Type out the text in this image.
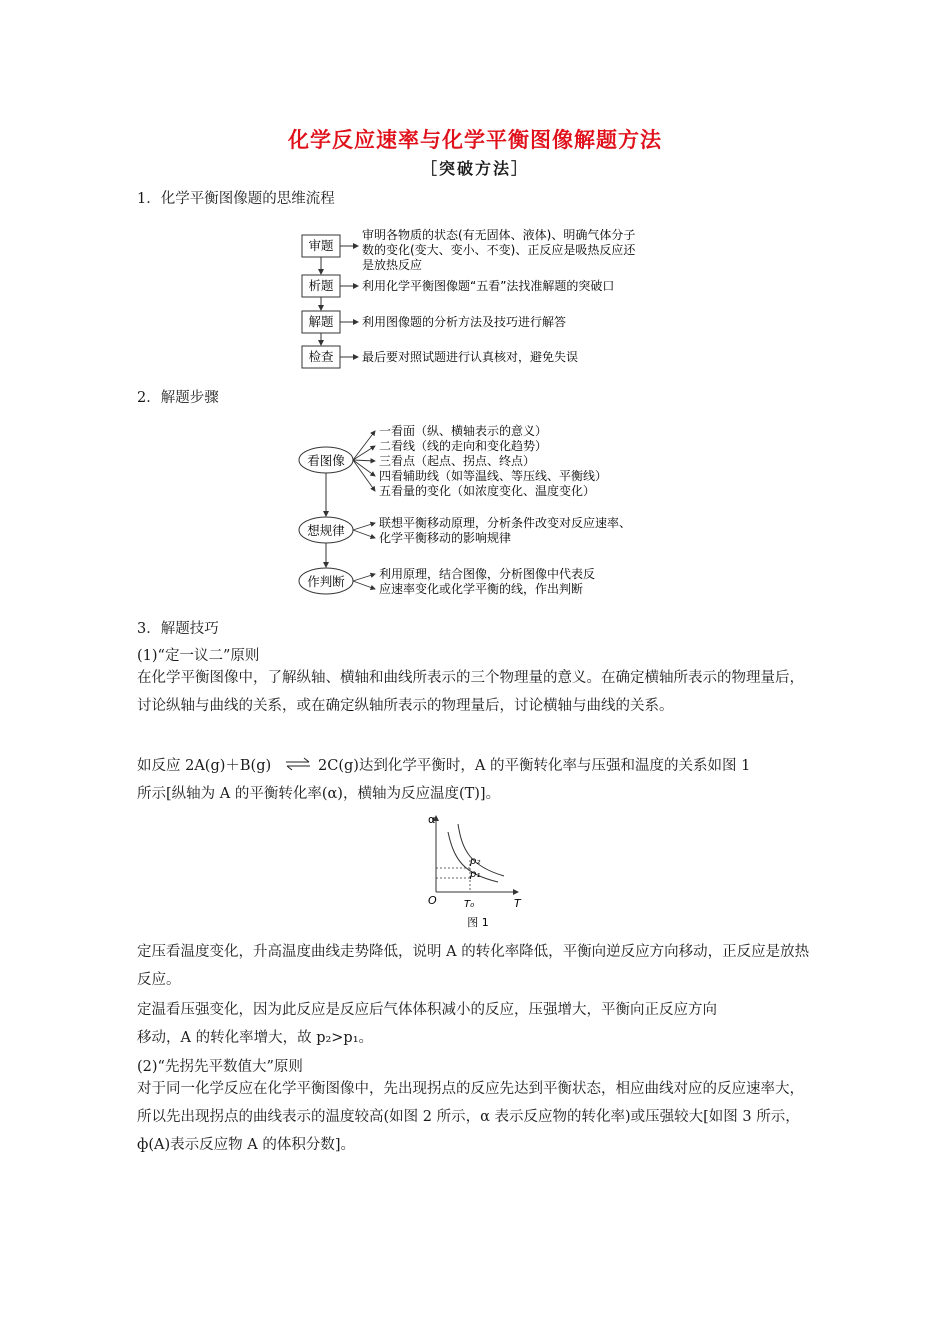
化学反应速率与化学平衡图像解题方法
［突破方法］
1．化学平衡图像题的思维流程
审题
析题
解题
检查
审明各物质的状态(有无固体、液体)、明确气体分子
数的变化(变大、变小、不变)、正反应是吸热反应还
是放热反应
利用化学平衡图像题“五看”法找准解题的突破口
利用图像题的分析方法及技巧进行解答
最后要对照试题进行认真核对，避免失误
2．解题步骤
看图像
想规律
作判断
一看面（纵、横轴表示的意义）
二看线（线的走向和变化趋势）
三看点（起点、拐点、终点）
四看辅助线（如等温线、等压线、平衡线）
五看量的变化（如浓度变化、温度变化）
联想平衡移动原理，分析条件改变对反应速率、
化学平衡移动的影响规律
利用原理，结合图像，分析图像中代表反
应速率变化或化学平衡的线，作出判断
3．解题技巧
(1)“定一议二”原则
在化学平衡图像中，了解纵轴、横轴和曲线所表示的三个物理量的意义。在确定横轴所表示的物理量后，讨论纵轴与曲线的关系，或在确定纵轴所表示的物理量后，讨论横轴与曲线的关系。
如反应 2A(g)＋B(g) ⇌ 2C(g)达到化学平衡时，A 的平衡转化率与压强和温度的关系如图 1
所示[纵轴为 A 的平衡转化率(α)，横轴为反应温度(T)]。
α
T
O	T₀
p₂
p₁
图 1
定压看温度变化，升高温度曲线走势降低，说明 A 的转化率降低，平衡向逆反应方向移动，正反应是放热反应。
定温看压强变化，因为此反应是反应后气体体积减小的反应，压强增大，平衡向正反应方向
移动，A 的转化率增大，故 p₂>p₁。
(2)“先拐先平数值大”原则
对于同一化学反应在化学平衡图像中，先出现拐点的反应先达到平衡状态，相应曲线对应的反应速率大，所以先出现拐点的曲线表示的温度较高(如图 2 所示，α 表示反应物的转化率)或压强较大[如图 3 所示，ф(A)表示反应物 A 的体积分数]。
